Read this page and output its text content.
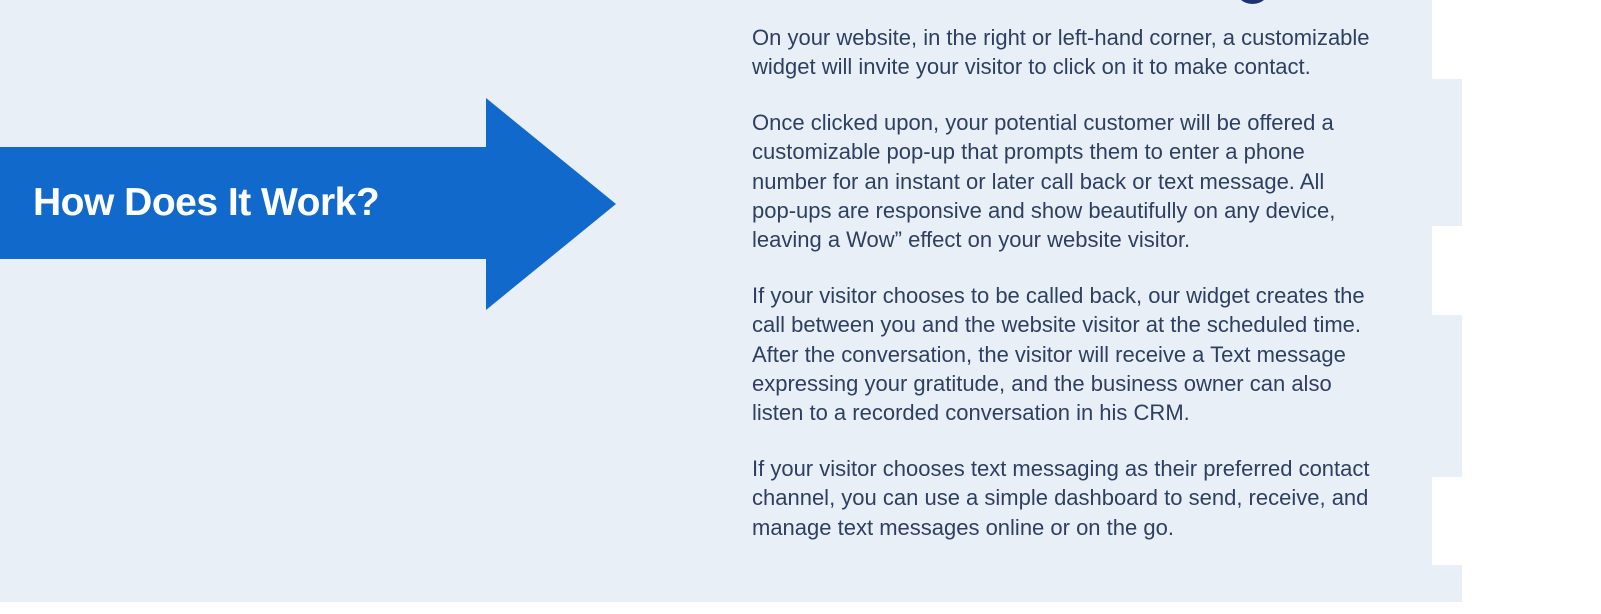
How Does It Work?

On your website, in the right or left-hand corner, a customizable widget will invite your visitor to click on it to make contact.

Once clicked upon, your potential customer will be offered a customizable pop-up that prompts them to enter a phone number for an instant or later call back or text message. All pop-ups are responsive and show beautifully on any device, leaving a Wow” effect on your website visitor.

If your visitor chooses to be called back, our widget creates the call between you and the website visitor at the scheduled time. After the conversation, the visitor will receive a Text message expressing your gratitude, and the business owner can also listen to a recorded conversation in his CRM.

If your visitor chooses text messaging as their preferred contact channel, you can use a simple dashboard to send, receive, and manage text messages online or on the go.
